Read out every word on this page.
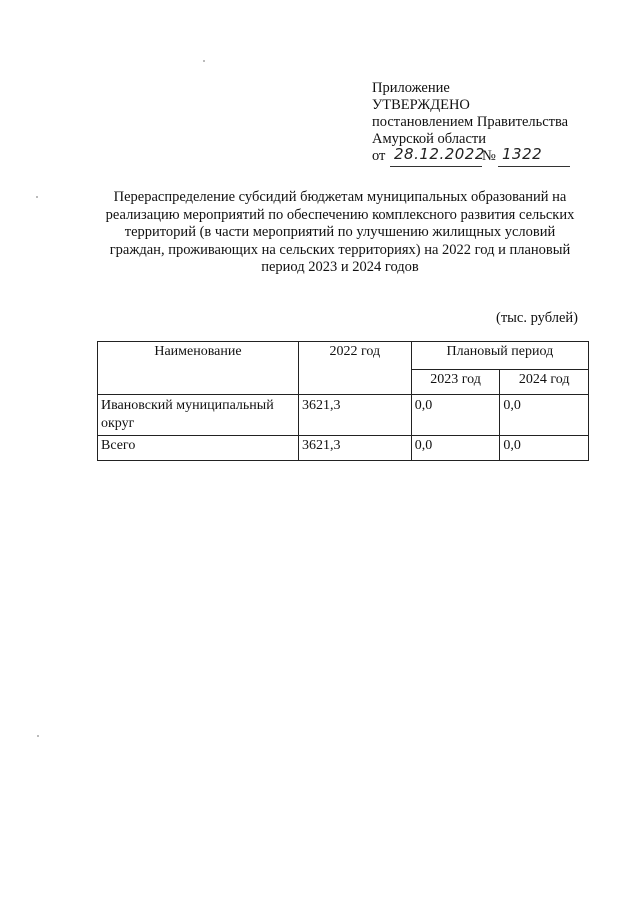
Приложение
УТВЕРЖДЕНО
постановлением Правительства
Амурской области
от 28.12.2022
№ 1322
Перераспределение субсидий бюджетам муниципальных образований на
реализацию мероприятий по обеспечению комплексного развития сельских
территорий (в части мероприятий по улучшению жилищных условий
граждан, проживающих на сельских территориях) на 2022 год и плановый
период 2023 и 2024 годов
(тыс. рублей)
Наименование	2022 год	Плановый период	
		2023 год	2024 год
Ивановский муниципальный округ	3621,3	0,0	0,0
Всего	3621,3	0,0	0,0
